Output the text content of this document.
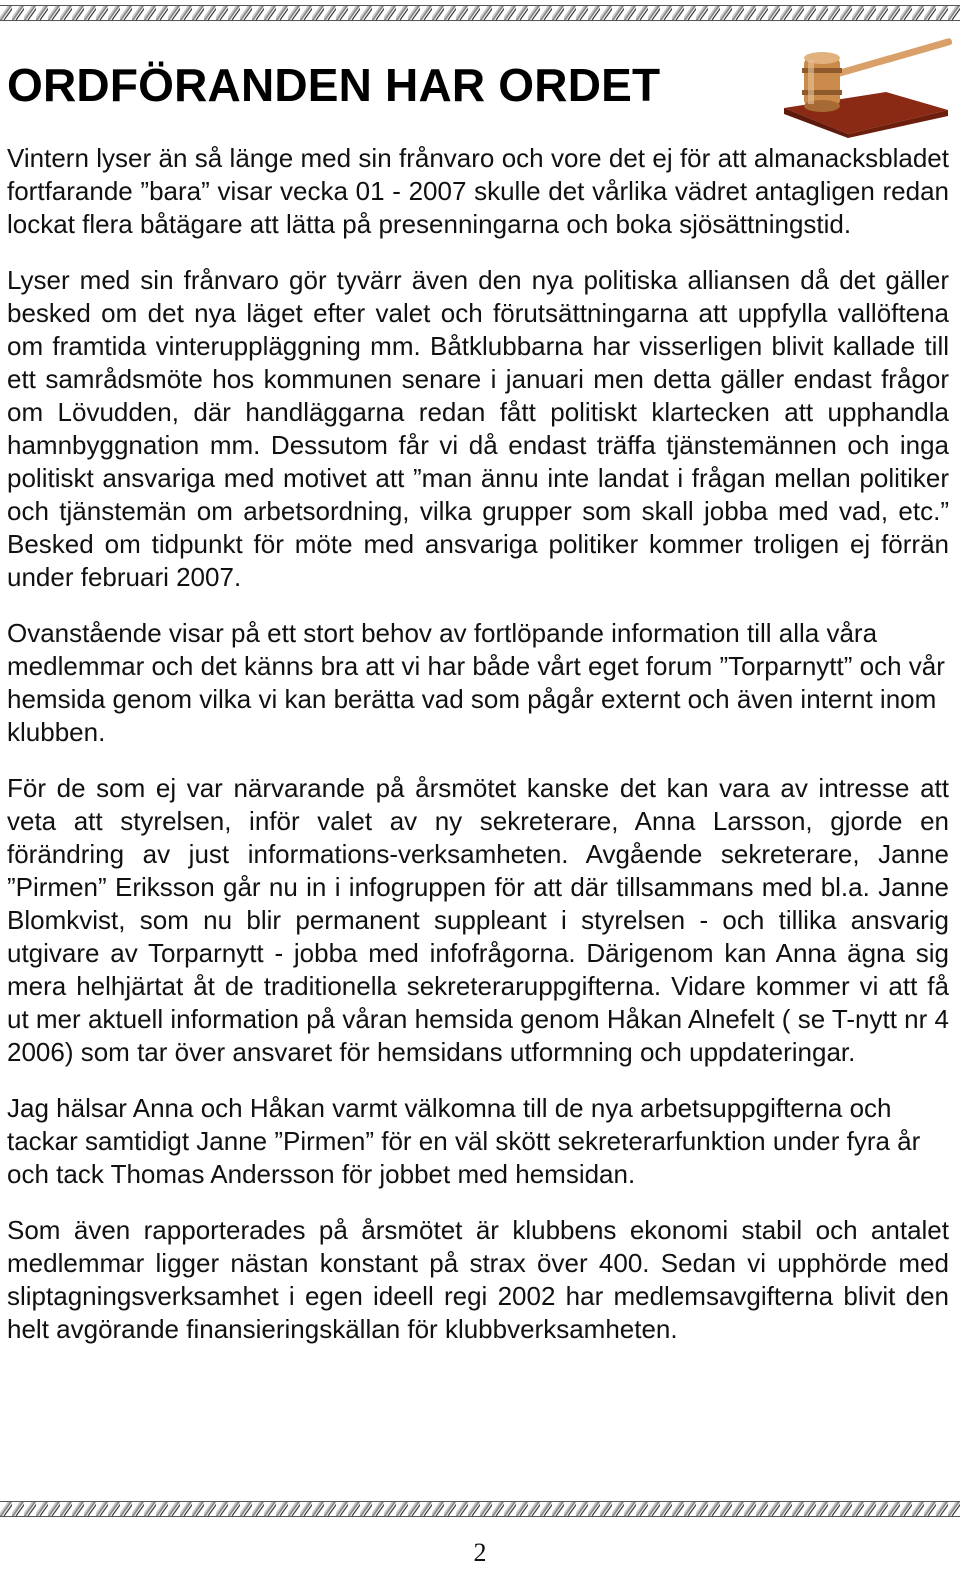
ORDFÖRANDEN HAR ORDET

Vintern lyser än så länge med sin frånvaro och vore det ej för att almanacksbladet fortfarande ”bara” visar vecka 01 - 2007 skulle det vårlika vädret antagligen redan lockat flera båtägare att lätta på presenningarna och boka sjösättningstid.

Lyser med sin frånvaro gör tyvärr även den nya politiska alliansen då det gäller besked om det nya läget efter valet och förutsättningarna att uppfylla vallöftena om framtida vinteruppläggning mm. Båtklubbarna har visserligen blivit kallade till ett samrådsmöte hos kommunen senare i januari men detta gäller endast frågor om Lövudden, där handläggarna redan fått politiskt klartecken att upphandla hamnbyggnation mm. Dessutom får vi då endast träffa tjänstemännen och inga politiskt ansvariga med motivet att ”man ännu inte landat i frågan mellan politiker och tjänstemän om arbetsordning, vilka grupper som skall jobba med vad, etc.” Besked om tidpunkt för möte med ansvariga politiker kommer troligen ej förrän under februari 2007.

Ovanstående visar på ett stort behov av fortlöpande information till alla våra medlemmar och det känns bra att vi har både vårt eget forum ”Torparnytt” och vår hemsida genom vilka vi kan berätta vad som pågår externt och även internt inom klubben.

För de som ej var närvarande på årsmötet kanske det kan vara av intresse att veta att styrelsen, inför valet av ny sekreterare, Anna Larsson, gjorde en förändring av just informations-verksamheten. Avgående sekreterare, Janne ”Pirmen” Eriksson går nu in i infogruppen för att där tillsammans med bl.a. Janne Blomkvist, som nu blir permanent suppleant i styrelsen - och tillika ansvarig utgivare av Torparnytt - jobba med infofrågorna. Därigenom kan Anna ägna sig mera helhjärtat åt de traditionella sekreteraruppgifterna. Vidare kommer vi att få ut mer aktuell information på våran hemsida genom Håkan Alnefelt ( se T-nytt nr 4 2006) som tar över ansvaret för hemsidans utformning och uppdateringar.

Jag hälsar Anna och Håkan varmt välkomna till de nya arbetsuppgifterna och tackar samtidigt Janne ”Pirmen” för en väl skött sekreterarfunktion under fyra år och tack Thomas Andersson för jobbet med hemsidan.

Som även rapporterades på årsmötet är klubbens ekonomi stabil och antalet medlemmar ligger nästan konstant på strax över 400. Sedan vi upphörde med sliptagningsverksamhet i egen ideell regi 2002 har medlemsavgifterna blivit den helt avgörande finansieringskällan för klubbverksamheten.

2
